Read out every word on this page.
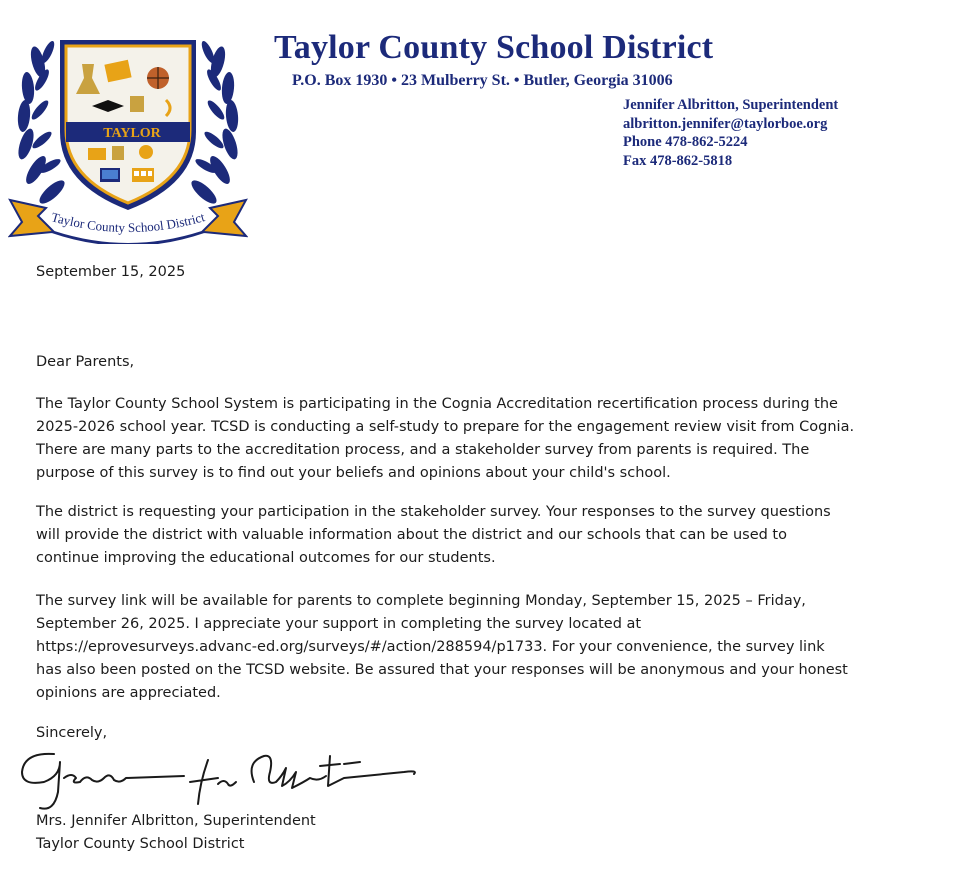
TAYLOR
Taylor County School District
Taylor County School District
P.O. Box 1930 • 23 Mulberry St. • Butler, Georgia 31006
Jennifer Albritton, Superintendent
albritton.jennifer@taylorboe.org
Phone 478-862-5224
Fax 478-862-5818
September 15, 2025
Dear Parents,
The Taylor County School System is participating in the Cognia Accreditation recertification process during the
2025-2026 school year. TCSD is conducting a self-study to prepare for the engagement review visit from Cognia.
There are many parts to the accreditation process, and a stakeholder survey from parents is required. The
purpose of this survey is to find out your beliefs and opinions about your child's school.
The district is requesting your participation in the stakeholder survey. Your responses to the survey questions
will provide the district with valuable information about the district and our schools that can be used to
continue improving the educational outcomes for our students.
The survey link will be available for parents to complete beginning Monday, September 15, 2025 – Friday,
September 26, 2025. I appreciate your support in completing the survey located at
https://eprovesurveys.advanc-ed.org/surveys/#/action/288594/p1733. For your convenience, the survey link
has also been posted on the TCSD website. Be assured that your responses will be anonymous and your honest
opinions are appreciated.
Sincerely,
Mrs. Jennifer Albritton, Superintendent
Taylor County School District
